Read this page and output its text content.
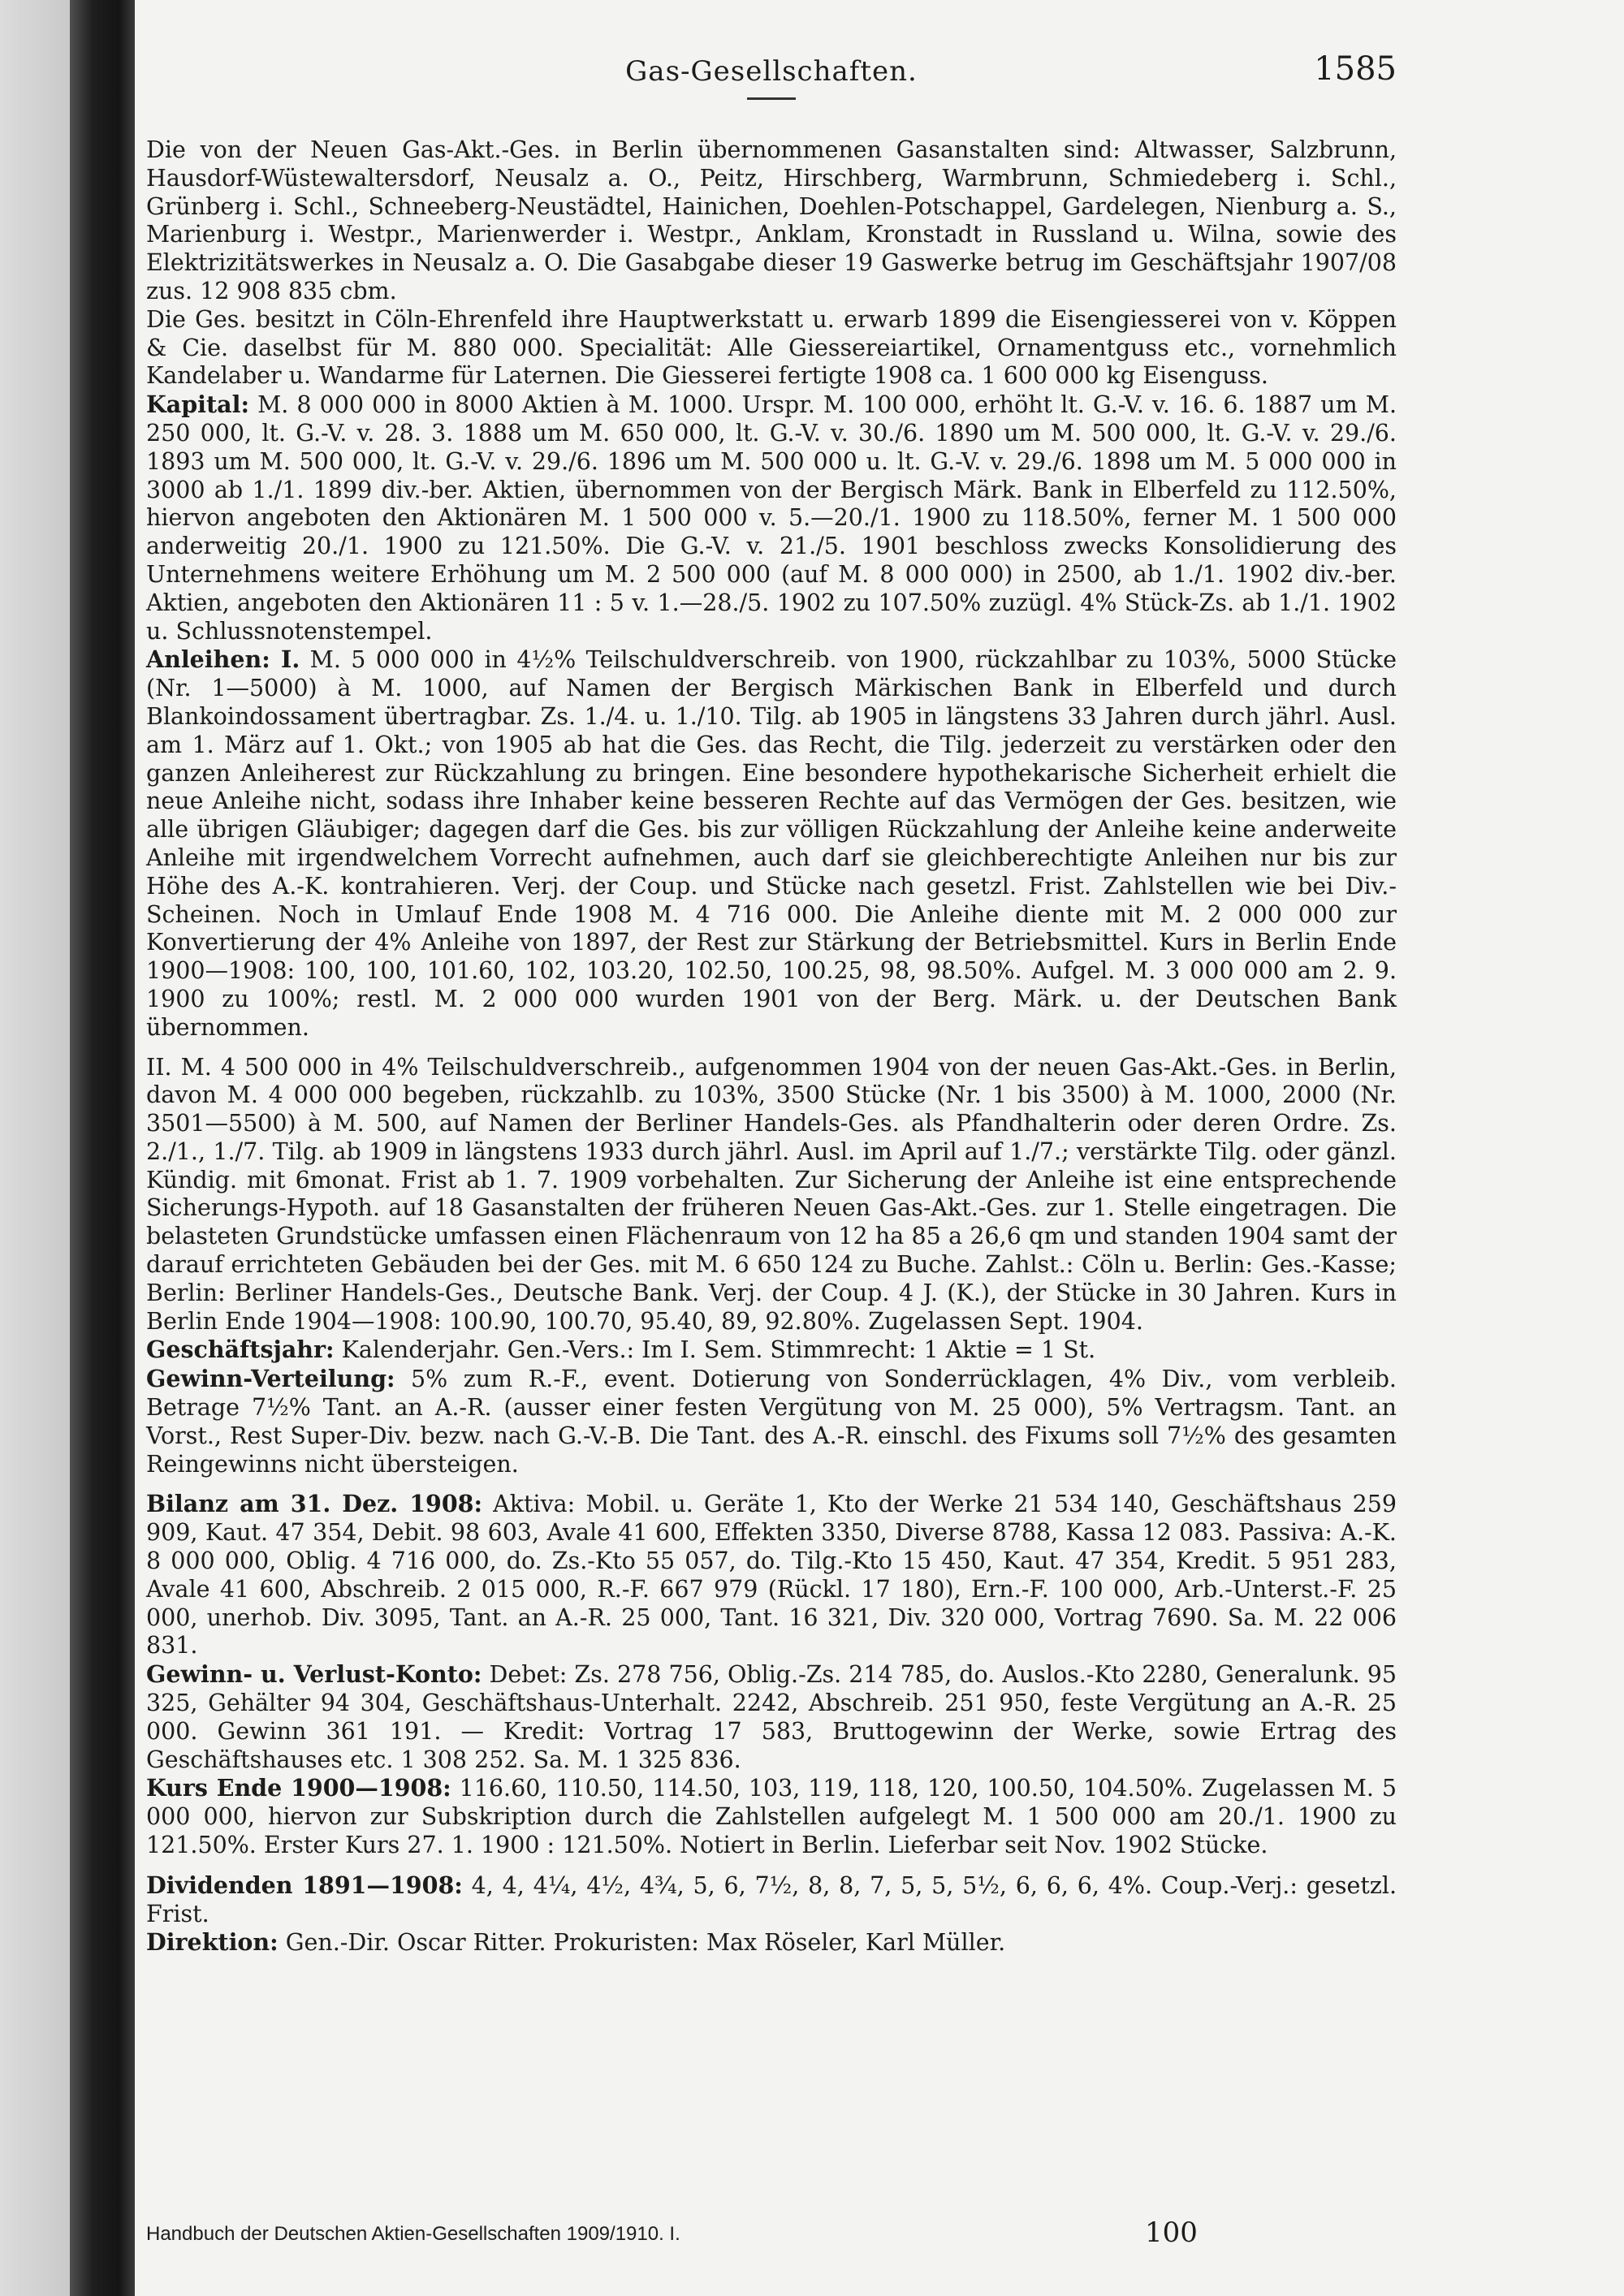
Gas-Gesellschaften.	1585

Die von der Neuen Gas-Akt.-Ges. in Berlin übernommenen Gasanstalten sind: Altwasser, Salzbrunn, Hausdorf-Wüstewaltersdorf, Neusalz a. O., Peitz, Hirschberg, Warmbrunn, Schmiedeberg i. Schl., Grünberg i. Schl., Schneeberg-Neustädtel, Hainichen, Doehlen-Potschappel, Gardelegen, Nienburg a. S., Marienburg i. Westpr., Marienwerder i. Westpr., Anklam, Kronstadt in Russland u. Wilna, sowie des Elektrizitätswerkes in Neusalz a. O. Die Gasabgabe dieser 19 Gaswerke betrug im Geschäftsjahr 1907/08 zus. 12 908 835 cbm.

Die Ges. besitzt in Cöln-Ehrenfeld ihre Hauptwerkstatt u. erwarb 1899 die Eisengiesserei von v. Köppen & Cie. daselbst für M. 880 000. Specialität: Alle Giessereiartikel, Ornamentguss etc., vornehmlich Kandelaber u. Wandarme für Laternen. Die Giesserei fertigte 1908 ca. 1 600 000 kg Eisenguss.

Kapital: M. 8 000 000 in 8000 Aktien à M. 1000. Urspr. M. 100 000, erhöht lt. G.-V. v. 16. 6. 1887 um M. 250 000, lt. G.-V. v. 28. 3. 1888 um M. 650 000, lt. G.-V. v. 30./6. 1890 um M. 500 000, lt. G.-V. v. 29./6. 1893 um M. 500 000, lt. G.-V. v. 29./6. 1896 um M. 500 000 u. lt. G.-V. v. 29./6. 1898 um M. 5 000 000 in 3000 ab 1./1. 1899 div.-ber. Aktien, übernommen von der Bergisch Märk. Bank in Elberfeld zu 112.50%, hiervon angeboten den Aktionären M. 1 500 000 v. 5.—20./1. 1900 zu 118.50%, ferner M. 1 500 000 anderweitig 20./1. 1900 zu 121.50%. Die G.-V. v. 21./5. 1901 beschloss zwecks Konsolidierung des Unternehmens weitere Erhöhung um M. 2 500 000 (auf M. 8 000 000) in 2500, ab 1./1. 1902 div.-ber. Aktien, angeboten den Aktionären 11 : 5 v. 1.—28./5. 1902 zu 107.50% zuzügl. 4% Stück-Zs. ab 1./1. 1902 u. Schlussnotenstempel.

Anleihen: I. M. 5 000 000 in 4½% Teilschuldverschreib. von 1900, rückzahlbar zu 103%, 5000 Stücke (Nr. 1—5000) à M. 1000, auf Namen der Bergisch Märkischen Bank in Elberfeld und durch Blankoindossament übertragbar. Zs. 1./4. u. 1./10. Tilg. ab 1905 in längstens 33 Jahren durch jährl. Ausl. am 1. März auf 1. Okt.; von 1905 ab hat die Ges. das Recht, die Tilg. jederzeit zu verstärken oder den ganzen Anleiherest zur Rückzahlung zu bringen. Eine besondere hypothekarische Sicherheit erhielt die neue Anleihe nicht, sodass ihre Inhaber keine besseren Rechte auf das Vermögen der Ges. besitzen, wie alle übrigen Gläubiger; dagegen darf die Ges. bis zur völligen Rückzahlung der Anleihe keine anderweite Anleihe mit irgendwelchem Vorrecht aufnehmen, auch darf sie gleichberechtigte Anleihen nur bis zur Höhe des A.-K. kontrahieren. Verj. der Coup. und Stücke nach gesetzl. Frist. Zahlstellen wie bei Div.-Scheinen. Noch in Umlauf Ende 1908 M. 4 716 000. Die Anleihe diente mit M. 2 000 000 zur Konvertierung der 4% Anleihe von 1897, der Rest zur Stärkung der Betriebsmittel. Kurs in Berlin Ende 1900—1908: 100, 100, 101.60, 102, 103.20, 102.50, 100.25, 98, 98.50%. Aufgel. M. 3 000 000 am 2. 9. 1900 zu 100%; restl. M. 2 000 000 wurden 1901 von der Berg. Märk. u. der Deutschen Bank übernommen.

II. M. 4 500 000 in 4% Teilschuldverschreib., aufgenommen 1904 von der neuen Gas-Akt.-Ges. in Berlin, davon M. 4 000 000 begeben, rückzahlb. zu 103%, 3500 Stücke (Nr. 1 bis 3500) à M. 1000, 2000 (Nr. 3501—5500) à M. 500, auf Namen der Berliner Handels-Ges. als Pfandhalterin oder deren Ordre. Zs. 2./1., 1./7. Tilg. ab 1909 in längstens 1933 durch jährl. Ausl. im April auf 1./7.; verstärkte Tilg. oder gänzl. Kündig. mit 6monat. Frist ab 1. 7. 1909 vorbehalten. Zur Sicherung der Anleihe ist eine entsprechende Sicherungs-Hypoth. auf 18 Gasanstalten der früheren Neuen Gas-Akt.-Ges. zur 1. Stelle eingetragen. Die belasteten Grundstücke umfassen einen Flächenraum von 12 ha 85 a 26,6 qm und standen 1904 samt der darauf errichteten Gebäuden bei der Ges. mit M. 6 650 124 zu Buche. Zahlst.: Cöln u. Berlin: Ges.-Kasse; Berlin: Berliner Handels-Ges., Deutsche Bank. Verj. der Coup. 4 J. (K.), der Stücke in 30 Jahren. Kurs in Berlin Ende 1904—1908: 100.90, 100.70, 95.40, 89, 92.80%. Zugelassen Sept. 1904.

Geschäftsjahr: Kalenderjahr. Gen.-Vers.: Im I. Sem. Stimmrecht: 1 Aktie = 1 St.

Gewinn-Verteilung: 5% zum R.-F., event. Dotierung von Sonderrücklagen, 4% Div., vom verbleib. Betrage 7½% Tant. an A.-R. (ausser einer festen Vergütung von M. 25 000), 5% Vertragsm. Tant. an Vorst., Rest Super-Div. bezw. nach G.-V.-B. Die Tant. des A.-R. einschl. des Fixums soll 7½% des gesamten Reingewinns nicht übersteigen.

Bilanz am 31. Dez. 1908: Aktiva: Mobil. u. Geräte 1, Kto der Werke 21 534 140, Geschäftshaus 259 909, Kaut. 47 354, Debit. 98 603, Avale 41 600, Effekten 3350, Diverse 8788, Kassa 12 083. Passiva: A.-K. 8 000 000, Oblig. 4 716 000, do. Zs.-Kto 55 057, do. Tilg.-Kto 15 450, Kaut. 47 354, Kredit. 5 951 283, Avale 41 600, Abschreib. 2 015 000, R.-F. 667 979 (Rückl. 17 180), Ern.-F. 100 000, Arb.-Unterst.-F. 25 000, unerhob. Div. 3095, Tant. an A.-R. 25 000, Tant. 16 321, Div. 320 000, Vortrag 7690. Sa. M. 22 006 831.

Gewinn- u. Verlust-Konto: Debet: Zs. 278 756, Oblig.-Zs. 214 785, do. Auslos.-Kto 2280, Generalunk. 95 325, Gehälter 94 304, Geschäftshaus-Unterhalt. 2242, Abschreib. 251 950, feste Vergütung an A.-R. 25 000. Gewinn 361 191. — Kredit: Vortrag 17 583, Bruttogewinn der Werke, sowie Ertrag des Geschäftshauses etc. 1 308 252. Sa. M. 1 325 836.

Kurs Ende 1900—1908: 116.60, 110.50, 114.50, 103, 119, 118, 120, 100.50, 104.50%. Zugelassen M. 5 000 000, hiervon zur Subskription durch die Zahlstellen aufgelegt M. 1 500 000 am 20./1. 1900 zu 121.50%. Erster Kurs 27. 1. 1900 : 121.50%. Notiert in Berlin. Lieferbar seit Nov. 1902 Stücke.

Dividenden 1891—1908: 4, 4, 4¼, 4½, 4¾, 5, 6, 7½, 8, 8, 7, 5, 5, 5½, 6, 6, 6, 4%. Coup.-Verj.: gesetzl. Frist.

Direktion: Gen.-Dir. Oscar Ritter. Prokuristen: Max Röseler, Karl Müller.

Handbuch der Deutschen Aktien-Gesellschaften 1909/1910. I.	100
